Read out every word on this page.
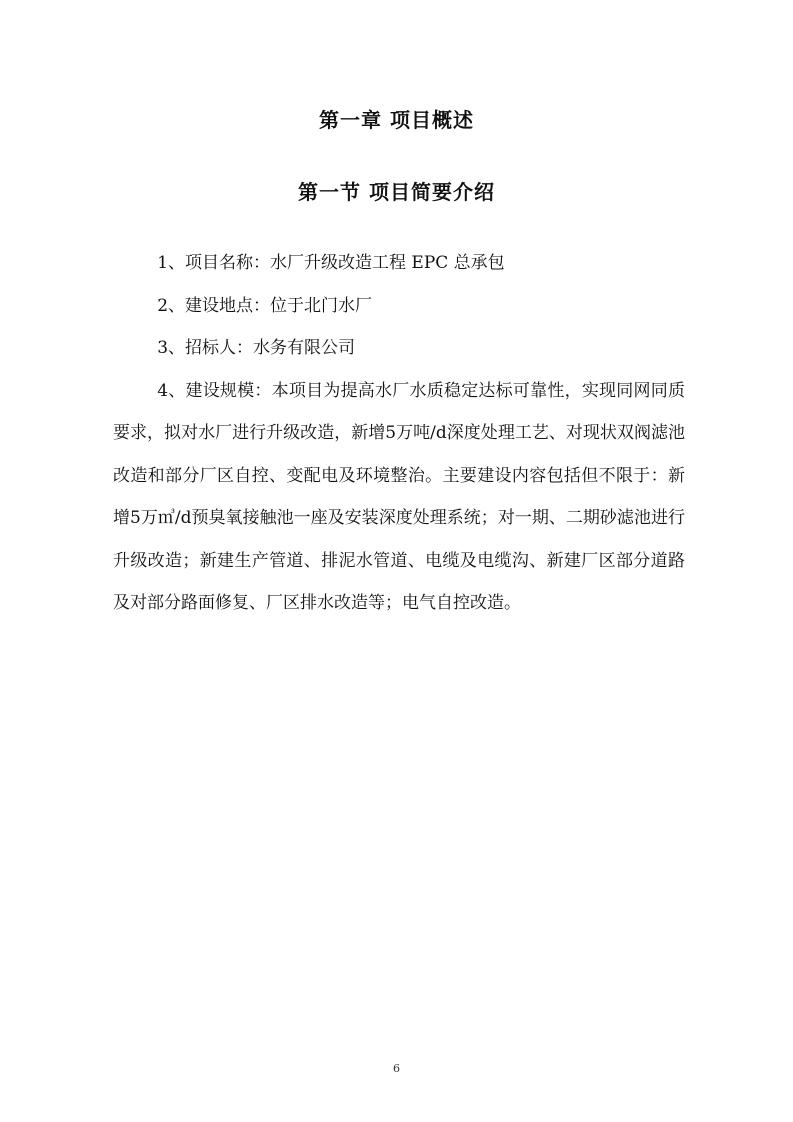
第一章 项目概述
第一节 项目简要介绍

1、项目名称：水厂升级改造工程 EPC 总承包

2、建设地点：位于北门水厂

3、招标人：水务有限公司

4、建设规模：本项目为提高水厂水质稳定达标可靠性，实现同网同质要求，拟对水厂进行升级改造，新增5万吨/d深度处理工艺、对现状双阀滤池改造和部分厂区自控、变配电及环境整治。主要建设内容包括但不限于：新增5万㎥/d预臭氧接触池一座及安装深度处理系统；对一期、二期砂滤池进行升级改造；新建生产管道、排泥水管道、电缆及电缆沟、新建厂区部分道路及对部分路面修复、厂区排水改造等；电气自控改造。

6
